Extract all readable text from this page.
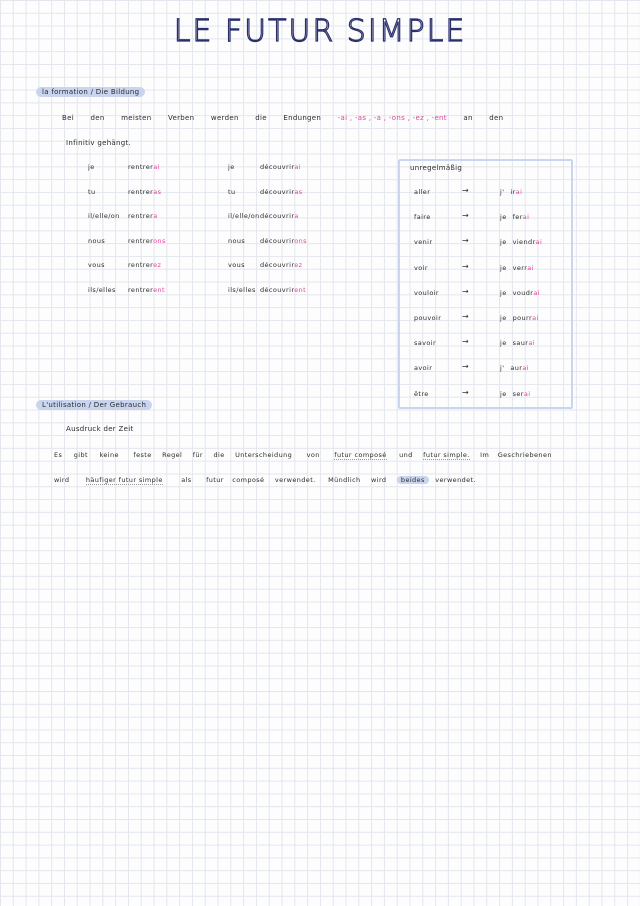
LE FUTUR SIMPLE
la formation / Die Bildung
Bei den meisten Verben werden die Endungen -ai , -as , -a , -ons , -ez , -ent an den
Infinitiv gehängt.
je	rentrerai
tu	rentreras
il/elle/on rentrera
nous	rentrerons
vous	rentrerez
ils/elles rentrerent
je	découvrirai
tu	découvriras
il/elle/on découvrira
nous découvrirons
vous découvrirez
ils/elles découvrirent
unregelmäßig
aller	→	j' irai
faire	→	je ferai
venir	→	je viendrai
voir	→	je verrai
vouloir	→	je voudrai
pouvoir	→	je pourrai
savoir	→	je saurai
avoir	→	j' aurai
être	→	je serai
L'utilisation / Der Gebrauch
Ausdruck der Zeit
Es gibt keine feste Regel für die Unterscheidung von futur composé und futur simple. Im Geschriebenen
wird	häufiger futur simple	als futur composé verwendet. Mündlich wird beides verwendet.
